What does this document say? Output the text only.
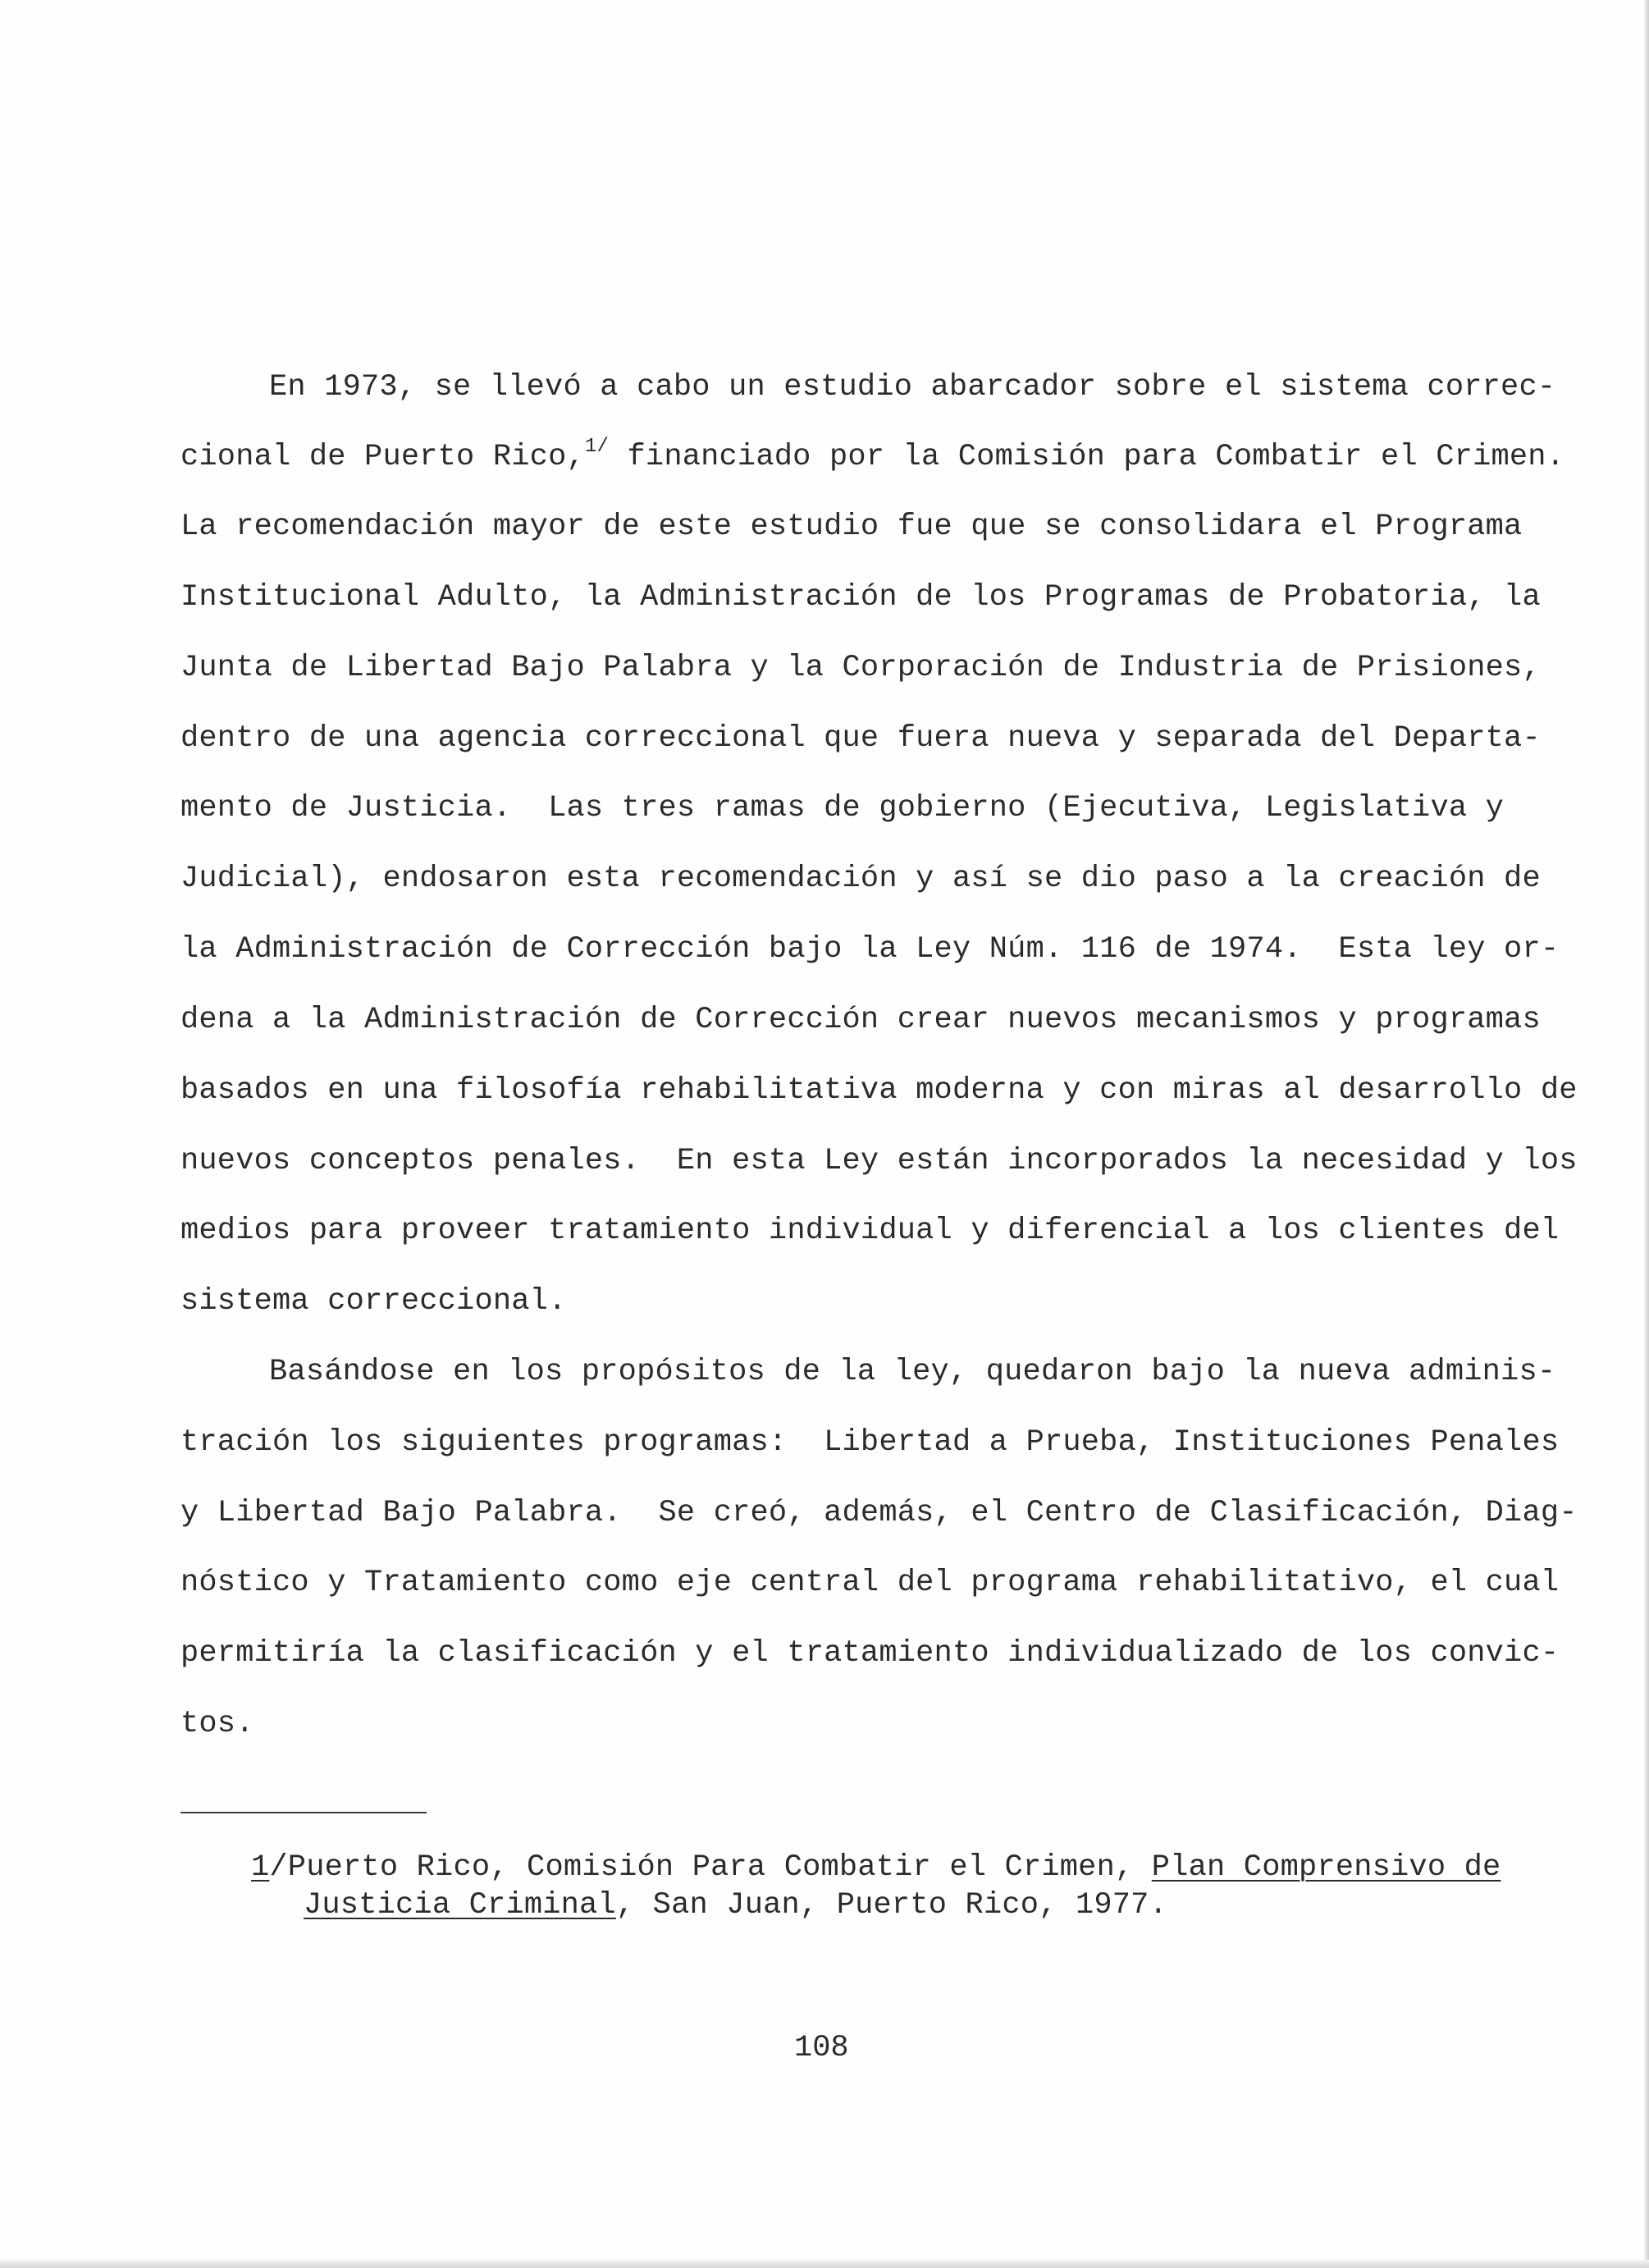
En 1973, se llevó a cabo un estudio abarcador sobre el sistema correc-
cional de Puerto Rico,$^{1/}$ financiado por la Comisión para Combatir el Crimen.
La recomendación mayor de este estudio fue que se consolidara el Programa
Institucional Adulto, la Administración de los Programas de Probatoria, la
Junta de Libertad Bajo Palabra y la Corporación de Industria de Prisiones,
dentro de una agencia correccional que fuera nueva y separada del Departa-
mento de Justicia.  Las tres ramas de gobierno (Ejecutiva, Legislativa y
Judicial), endosaron esta recomendación y así se dio paso a la creación de
la Administración de Corrección bajo la Ley Núm. 116 de 1974.  Esta ley or-
dena a la Administración de Corrección crear nuevos mecanismos y programas
basados en una filosofía rehabilitativa moderna y con miras al desarrollo de
nuevos conceptos penales.  En esta Ley están incorporados la necesidad y los
medios para proveer tratamiento individual y diferencial a los clientes del
sistema correccional.
Basándose en los propósitos de la ley, quedaron bajo la nueva adminis-
tración los siguientes programas:  Libertad a Prueba, Instituciones Penales
y Libertad Bajo Palabra.  Se creó, además, el Centro de Clasificación, Diag-
nóstico y Tratamiento como eje central del programa rehabilitativo, el cual
permitiría la clasificación y el tratamiento individualizado de los convic-
tos.
1/Puerto Rico, Comisión Para Combatir el Crimen, Plan Comprensivo de
Justicia Criminal, San Juan, Puerto Rico, 1977.
108
